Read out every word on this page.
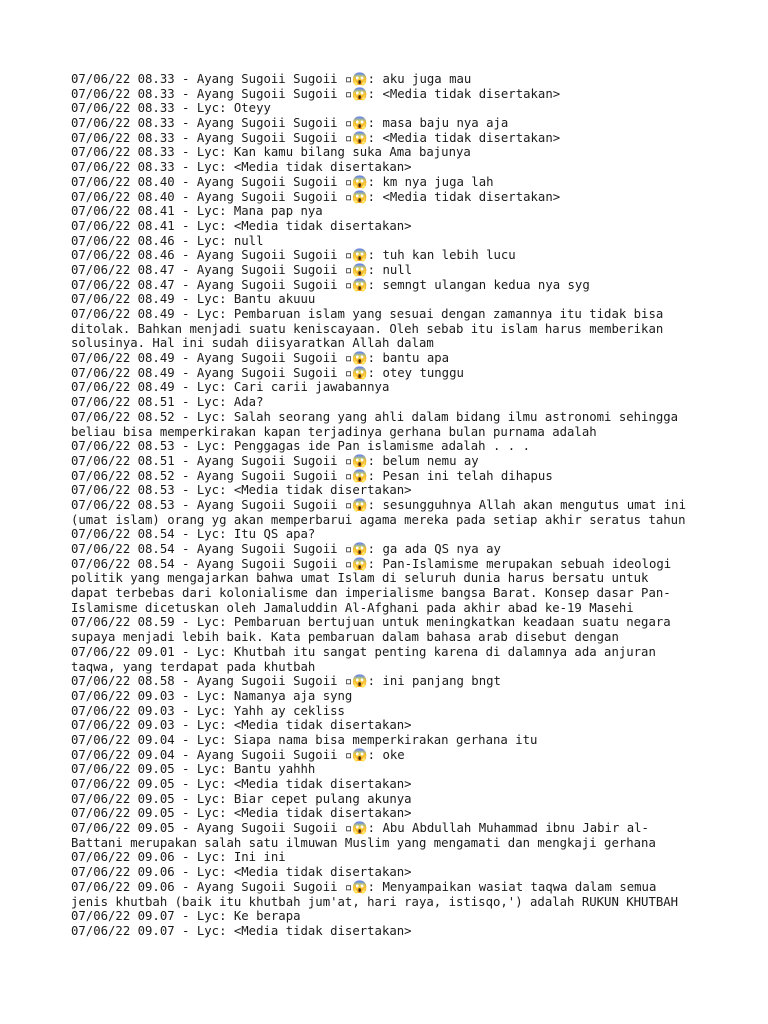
07/06/22 08.33 - Ayang Sugoii Sugoii ▫😱: aku juga mau
07/06/22 08.33 - Ayang Sugoii Sugoii ▫😱: <Media tidak disertakan>
07/06/22 08.33 - Lyc: Oteyy
07/06/22 08.33 - Ayang Sugoii Sugoii ▫😱: masa baju nya aja
07/06/22 08.33 - Ayang Sugoii Sugoii ▫😱: <Media tidak disertakan>
07/06/22 08.33 - Lyc: Kan kamu bilang suka Ama bajunya
07/06/22 08.33 - Lyc: <Media tidak disertakan>
07/06/22 08.40 - Ayang Sugoii Sugoii ▫😱: km nya juga lah
07/06/22 08.40 - Ayang Sugoii Sugoii ▫😱: <Media tidak disertakan>
07/06/22 08.41 - Lyc: Mana pap nya
07/06/22 08.41 - Lyc: <Media tidak disertakan>
07/06/22 08.46 - Lyc: null
07/06/22 08.46 - Ayang Sugoii Sugoii ▫😱: tuh kan lebih lucu
07/06/22 08.47 - Ayang Sugoii Sugoii ▫😱: null
07/06/22 08.47 - Ayang Sugoii Sugoii ▫😱: semngt ulangan kedua nya syg
07/06/22 08.49 - Lyc: Bantu akuuu
07/06/22 08.49 - Lyc: Pembaruan islam yang sesuai dengan zamannya itu tidak bisa
ditolak. Bahkan menjadi suatu keniscayaan. Oleh sebab itu islam harus memberikan
solusinya. Hal ini sudah diisyaratkan Allah dalam
07/06/22 08.49 - Ayang Sugoii Sugoii ▫😱: bantu apa
07/06/22 08.49 - Ayang Sugoii Sugoii ▫😱: otey tunggu
07/06/22 08.49 - Lyc: Cari carii jawabannya
07/06/22 08.51 - Lyc: Ada?
07/06/22 08.52 - Lyc: Salah seorang yang ahli dalam bidang ilmu astronomi sehingga
beliau bisa memperkirakan kapan terjadinya gerhana bulan purnama adalah
07/06/22 08.53 - Lyc: Penggagas ide Pan islamisme adalah . . .
07/06/22 08.51 - Ayang Sugoii Sugoii ▫😱: belum nemu ay
07/06/22 08.52 - Ayang Sugoii Sugoii ▫😱: Pesan ini telah dihapus
07/06/22 08.53 - Lyc: <Media tidak disertakan>
07/06/22 08.53 - Ayang Sugoii Sugoii ▫😱: sesungguhnya Allah akan mengutus umat ini
(umat islam) orang yg akan memperbarui agama mereka pada setiap akhir seratus tahun
07/06/22 08.54 - Lyc: Itu QS apa?
07/06/22 08.54 - Ayang Sugoii Sugoii ▫😱: ga ada QS nya ay
07/06/22 08.54 - Ayang Sugoii Sugoii ▫😱: Pan-Islamisme merupakan sebuah ideologi
politik yang mengajarkan bahwa umat Islam di seluruh dunia harus bersatu untuk
dapat terbebas dari kolonialisme dan imperialisme bangsa Barat. Konsep dasar Pan-
Islamisme dicetuskan oleh Jamaluddin Al-Afghani pada akhir abad ke-19 Masehi
07/06/22 08.59 - Lyc: Pembaruan bertujuan untuk meningkatkan keadaan suatu negara
supaya menjadi lebih baik. Kata pembaruan dalam bahasa arab disebut dengan
07/06/22 09.01 - Lyc: Khutbah itu sangat penting karena di dalamnya ada anjuran
taqwa, yang terdapat pada khutbah
07/06/22 08.58 - Ayang Sugoii Sugoii ▫😱: ini panjang bngt
07/06/22 09.03 - Lyc: Namanya aja syng
07/06/22 09.03 - Lyc: Yahh ay cekliss
07/06/22 09.03 - Lyc: <Media tidak disertakan>
07/06/22 09.04 - Lyc: Siapa nama bisa memperkirakan gerhana itu
07/06/22 09.04 - Ayang Sugoii Sugoii ▫😱: oke
07/06/22 09.05 - Lyc: Bantu yahhh
07/06/22 09.05 - Lyc: <Media tidak disertakan>
07/06/22 09.05 - Lyc: Biar cepet pulang akunya
07/06/22 09.05 - Lyc: <Media tidak disertakan>
07/06/22 09.05 - Ayang Sugoii Sugoii ▫😱: Abu Abdullah Muhammad ibnu Jabir al-
Battani merupakan salah satu ilmuwan Muslim yang mengamati dan mengkaji gerhana
07/06/22 09.06 - Lyc: Ini ini
07/06/22 09.06 - Lyc: <Media tidak disertakan>
07/06/22 09.06 - Ayang Sugoii Sugoii ▫😱: Menyampaikan wasiat taqwa dalam semua
jenis khutbah (baik itu khutbah jum'at, hari raya, istisqo,') adalah RUKUN KHUTBAH
07/06/22 09.07 - Lyc: Ke berapa
07/06/22 09.07 - Lyc: <Media tidak disertakan>
